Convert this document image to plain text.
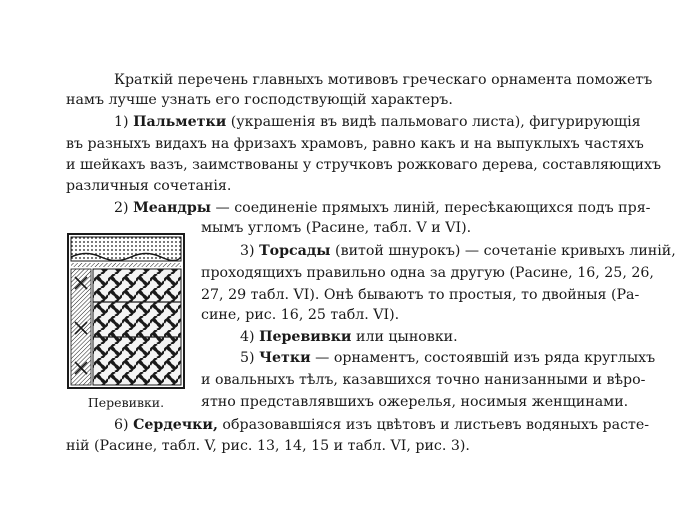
Краткій перечень главныхъ мотивовъ греческаго орнамента поможетъ
намъ лучше узнать его господствующій характеръ.
1) Пальметки (украшенія въ видѣ пальмоваго листа), фигурирующія
въ разныхъ видахъ на фризахъ храмовъ, равно какъ и на выпуклыхъ частяхъ
и шейкахъ вазъ, заимствованы у стручковъ рожковаго дерева, составляющихъ
различныя сочетанія.
2) Меандры — соединеніе прямыхъ линій, пересѣкающихся подъ пря-
мымъ угломъ (Расине, табл. V и VI).
3) Торсады (витой шнурокъ) — сочетаніе кривыхъ линій,
проходящихъ правильно одна за другую (Расине, 16, 25, 26,
27, 29 табл. VI). Онѣ бываютъ то простыя, то двойныя (Ра-
сине, рис. 16, 25 табл. VI).
4) Перевивки или цыновки.
5) Четки — орнаментъ, состоявшій изъ ряда круглыхъ
и овальныхъ тѣлъ, казавшихся точно нанизанными и вѣро-
ятно представлявшихъ ожерелья, носимыя женщинами.
6) Сердечки, образовавшіяся изъ цвѣтовъ и листьевъ водяныхъ расте-
ній (Расине, табл. V, рис. 13, 14, 15 и табл. VI, рис. 3).
Перевивки.
